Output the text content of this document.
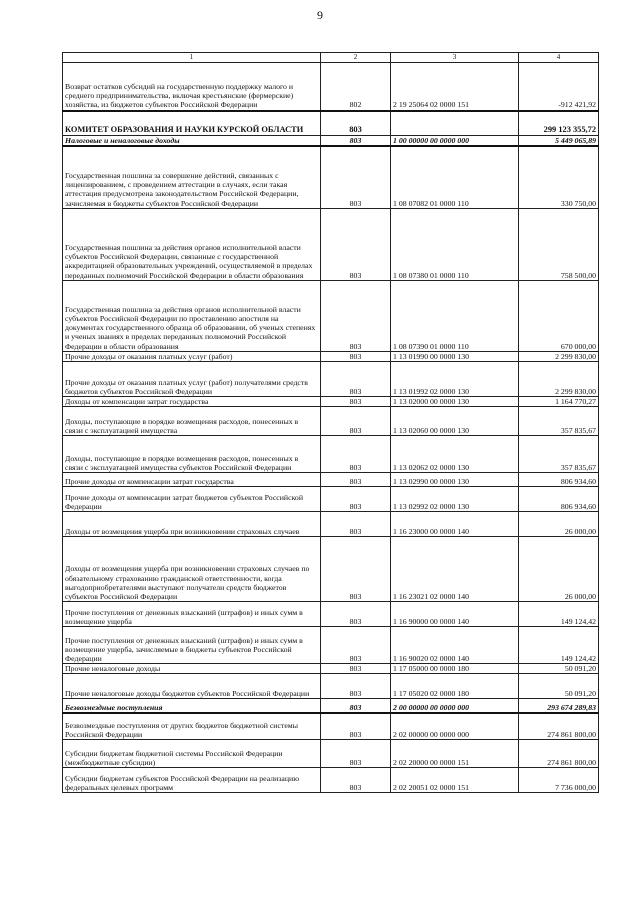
9
1	2	3	4
Возврат остатков субсидий на государственную поддержку малого и среднего предпринимательства, включая крестьянские (фермерские) хозяйства, из бюджетов субъектов Российской Федерации	802	2 19 25064 02 0000 151	-912 421,92
КОМИТЕТ ОБРАЗОВАНИЯ И НАУКИ КУРСКОЙ ОБЛАСТИ	803		299 123 355,72
Налоговые и неналоговые доходы	803	1 00 00000 00 0000 000	5 449 065,89
Государственная пошлина за совершение действий, связанных с лицензированием, с проведением аттестации в случаях, если такая аттестация предусмотрена законодательством Российской Федерации, зачисляемая в бюджеты субъектов Российской Федерации	803	1 08 07082 01 0000 110	330 750,00
Государственная пошлина за действия органов исполнительной власти субъектов Российской Федерации, связанные с государственной аккредитацией образовательных учреждений, осуществляемой в пределах переданных полномочий Российской Федерации в области образования	803	1 08 07380 01 0000 110	758 500,00
Государственная пошлина за действия органов исполнительной власти субъектов Российской Федерации по проставлению апостиля на документах государственного образца об образовании, об ученых степенях и ученых званиях в пределах переданных полномочий Российской Федерации в области образования	803	1 08 07390 01 0000 110	670 000,00
Прочие доходы от оказания платных услуг (работ)	803	1 13 01990 00 0000 130	2 299 830,00
Прочие доходы от оказания платных услуг (работ) получателями средств бюджетов субъектов Российской Федерации	803	1 13 01992 02 0000 130	2 299 830,00
Доходы от компенсации затрат государства	803	1 13 02000 00 0000 130	1 164 770,27
Доходы, поступающие в порядке возмещения расходов, понесенных в связи с эксплуатацией имущества	803	1 13 02060 00 0000 130	357 835,67
Доходы, поступающие в порядке возмещения расходов, понесенных в связи с эксплуатацией имущества субъектов Российской Федерации	803	1 13 02062 02 0000 130	357 835,67
Прочие доходы от компенсации затрат государства	803	1 13 02990 00 0000 130	806 934,60
Прочие доходы от компенсации затрат бюджетов субъектов Российской Федерации	803	1 13 02992 02 0000 130	806 934,60
Доходы от возмещения ущерба при возникновении страховых случаев	803	1 16 23000 00 0000 140	26 000,00
Доходы от возмещения ущерба при возникновении страховых случаев по обязательному страхованию гражданской ответственности, когда выгодоприобретателями выступают получатели средств бюджетов субъектов Российской Федерации	803	1 16 23021 02 0000 140	26 000,00
Прочие поступления от денежных взысканий (штрафов) и иных сумм в возмещение ущерба	803	1 16 90000 00 0000 140	149 124,42
Прочие поступления от денежных взысканий (штрафов) и иных сумм в возмещение ущерба, зачисляемые в бюджеты субъектов Российской Федерации	803	1 16 90020 02 0000 140	149 124,42
Прочие неналоговые доходы	803	1 17 05000 00 0000 180	50 091,20
Прочие неналоговые доходы бюджетов субъектов Российской Федерации	803	1 17 05020 02 0000 180	50 091,20
Безвозмездные поступления	803	2 00 00000 00 0000 000	293 674 289,83
Безвозмездные поступления от других бюджетов бюджетной системы Российской Федерации	803	2 02 00000 00 0000 000	274 861 800,00
Субсидии бюджетам бюджетной системы Российской Федерации (межбюджетные субсидии)	803	2 02 20000 00 0000 151	274 861 800,00
Субсидии бюджетам субъектов Российской Федерации на реализацию федеральных целевых программ	803	2 02 20051 02 0000 151	7 736 000,00
